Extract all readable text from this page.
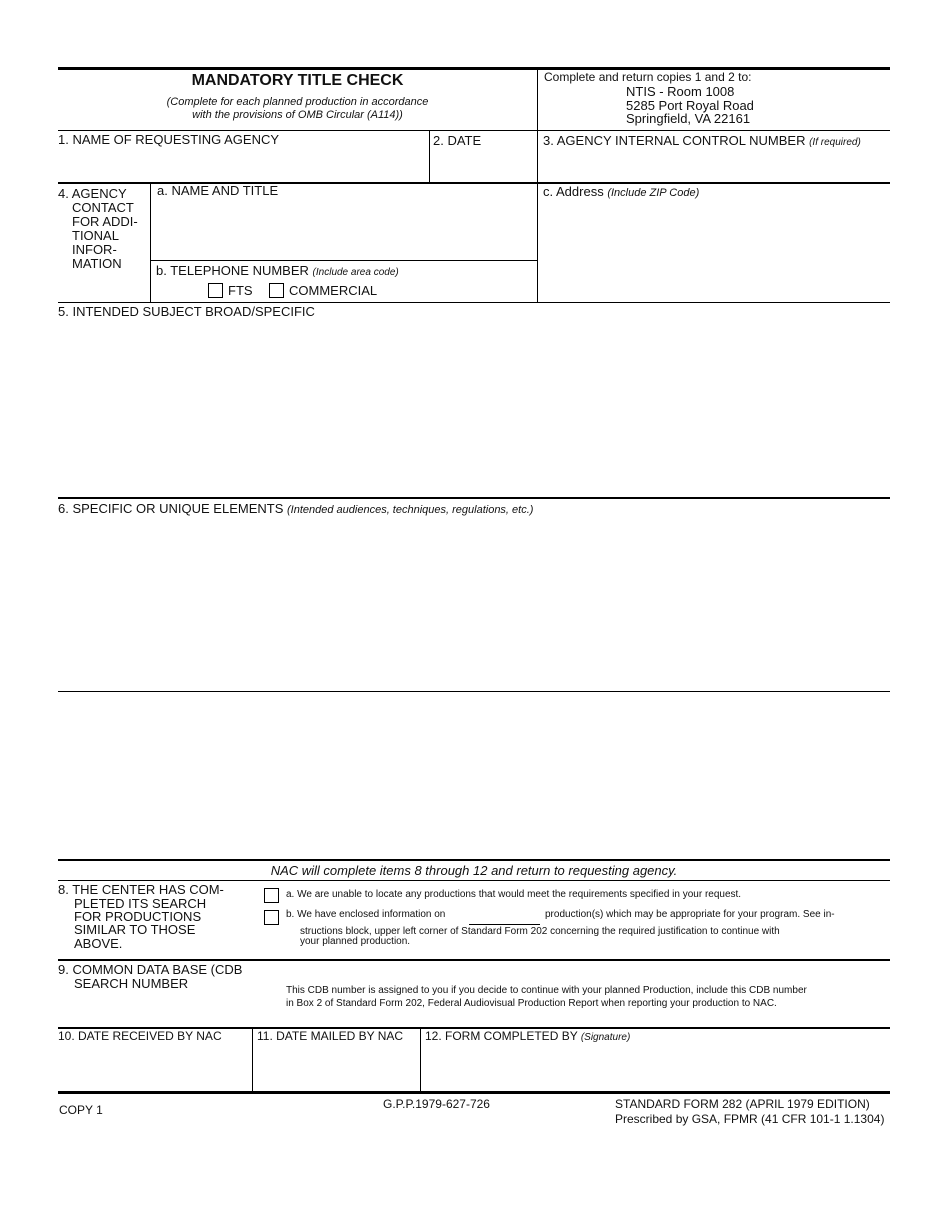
MANDATORY TITLE CHECK
(Complete for each planned production in accordance
with the provisions of OMB Circular (A114))
Complete and return copies 1 and 2 to:
NTIS - Room 1008
5285 Port Royal Road
Springfield, VA 22161
1. NAME OF REQUESTING AGENCY	2. DATE	3. AGENCY INTERNAL CONTROL NUMBER (If required)
4. AGENCY
CONTACT
FOR ADDI-
TIONAL
INFOR-
MATION
a. NAME AND TITLE
b. TELEPHONE NUMBER (Include area code)
FTS	COMMERCIAL
c. Address (Include ZIP Code)
5. INTENDED SUBJECT BROAD/SPECIFIC
6. SPECIFIC OR UNIQUE ELEMENTS (Intended audiences, techniques, regulations, etc.)
NAC will complete items 8 through 12 and return to requesting agency.
8. THE CENTER HAS COM-
PLETED ITS SEARCH
FOR PRODUCTIONS
SIMILAR TO THOSE
ABOVE.
a. We are unable to locate any productions that would meet the requirements specified in your request.
b. We have enclosed information on	production(s) which may be appropriate for your program. See in-
structions block, upper left corner of Standard Form 202 concerning the required justification to continue with
your planned production.
9. COMMON DATA BASE (CDB
SEARCH NUMBER	This CDB number is assigned to you if you decide to continue with your planned Production, include this CDB number
in Box 2 of Standard Form 202, Federal Audiovisual Production Report when reporting your production to NAC.
10. DATE RECEIVED BY NAC	11. DATE MAILED BY NAC 12. FORM COMPLETED BY (Signature)
COPY 1	G.P.P.1979-627-726	STANDARD FORM 282 (APRIL 1979 EDITION)
Prescribed by GSA, FPMR (41 CFR 101-1 1.1304)
